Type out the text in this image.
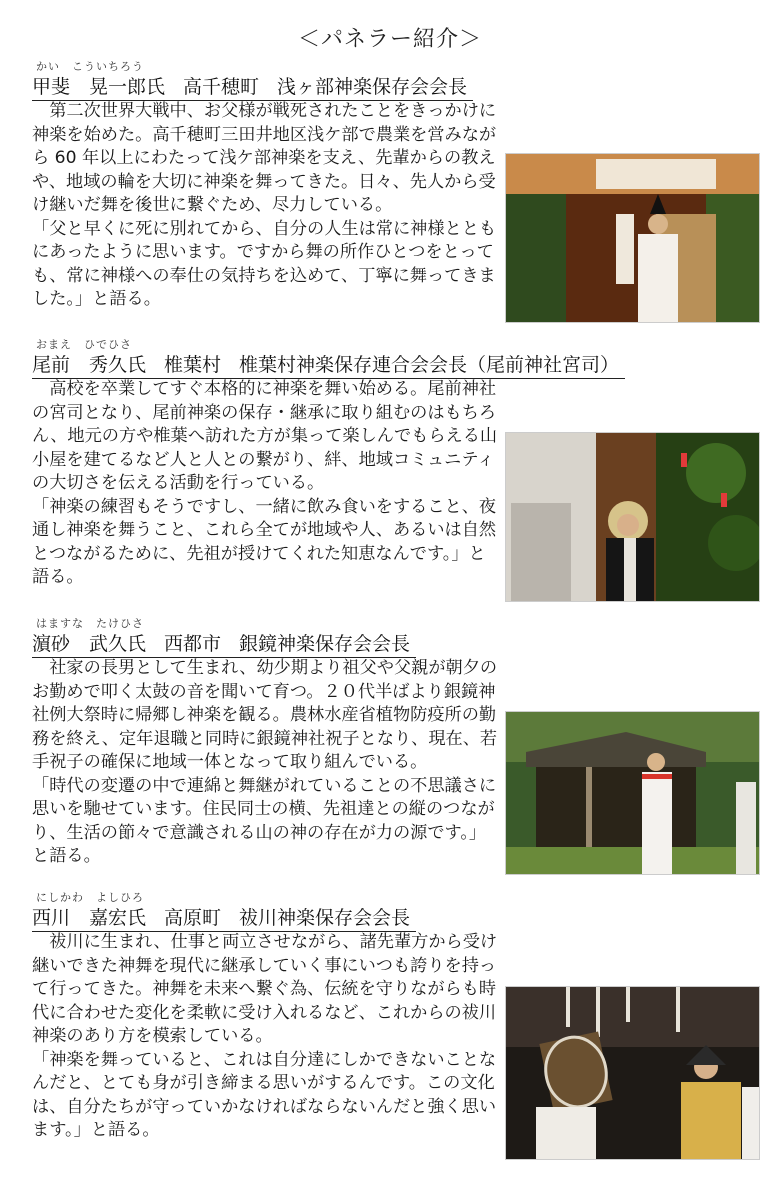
＜パネラー紹介＞
かい　こういちろう
甲斐　晃一郎氏 高千穂町 浅ヶ部神楽保存会会長

　第二次世界大戦中、お父様が戦死されたことをきっかけに神楽を始めた。高千穂町三田井地区浅ケ部で農業を営みながら 60 年以上にわたって浅ケ部神楽を支え、先輩からの教えや、地域の輪を大切に神楽を舞ってきた。日々、先人から受け継いだ舞を後世に繋ぐため、尽力している。

「父と早くに死に別れてから、自分の人生は常に神様とともにあったように思います。ですから舞の所作ひとつをとっても、常に神様への奉仕の気持ちを込めて、丁寧に舞ってきました。」と語る。

おまえ　ひでひさ
尾前　秀久氏 椎葉村 椎葉村神楽保存連合会会長（尾前神社宮司）

　高校を卒業してすぐ本格的に神楽を舞い始める。尾前神社の宮司となり、尾前神楽の保存・継承に取り組むのはもちろん、地元の方や椎葉へ訪れた方が集って楽しんでもらえる山小屋を建てるなど人と人との繋がり、絆、地域コミュニティの大切さを伝える活動を行っている。

「神楽の練習もそうですし、一緒に飲み食いをすること、夜通し神楽を舞うこと、これら全てが地域や人、あるいは自然とつながるために、先祖が授けてくれた知恵なんです。」と語る。

はますな　たけひさ
濵砂　武久氏 西都市 銀鏡神楽保存会会長

　社家の長男として生まれ、幼少期より祖父や父親が朝夕のお勤めで叩く太鼓の音を聞いて育つ。２０代半ばより銀鏡神社例大祭時に帰郷し神楽を観る。農林水産省植物防疫所の勤務を終え、定年退職と同時に銀鏡神社祝子となり、現在、若手祝子の確保に地域一体となって取り組んでいる。

「時代の変遷の中で連綿と舞継がれていることの不思議さに思いを馳せています。住民同士の横、先祖達との縦のつながり、生活の節々で意識される山の神の存在が力の源です。」と語る。

にしかわ　よしひろ
西川　嘉宏氏 高原町 祓川神楽保存会会長

　祓川に生まれ、仕事と両立させながら、諸先輩方から受け継いできた神舞を現代に継承していく事にいつも誇りを持って行ってきた。神舞を未来へ繋ぐ為、伝統を守りながらも時代に合わせた変化を柔軟に受け入れるなど、これからの祓川神楽のあり方を模索している。

「神楽を舞っていると、これは自分達にしかできないことなんだと、とても身が引き締まる思いがするんです。この文化は、自分たちが守っていかなければならないんだと強く思います。」と語る。
